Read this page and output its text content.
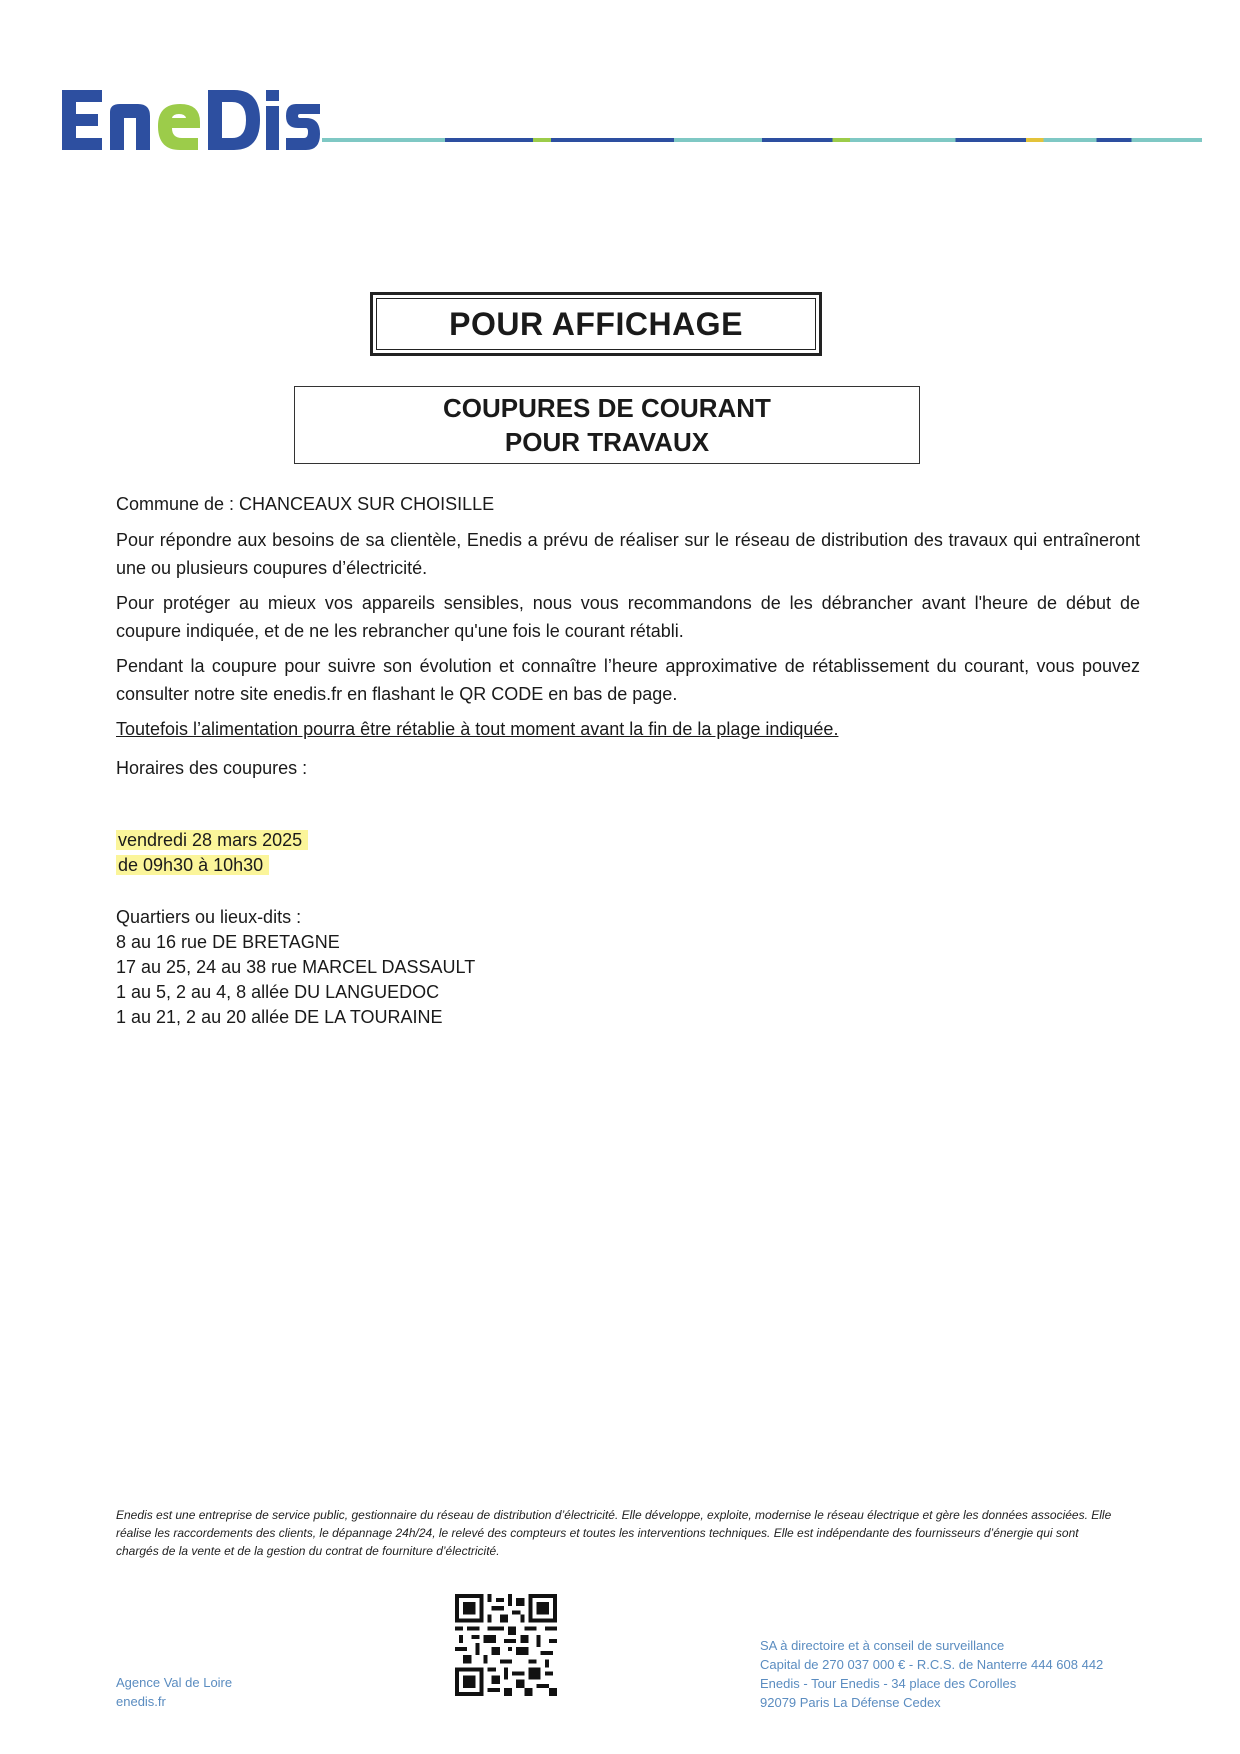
POUR AFFICHAGE
COUPURES DE COURANT
POUR TRAVAUX

Commune de : CHANCEAUX SUR CHOISILLE

Pour répondre aux besoins de sa clientèle, Enedis a prévu de réaliser sur le réseau de distribution des travaux qui entraîneront une ou plusieurs coupures d’électricité.

Pour protéger au mieux vos appareils sensibles, nous vous recommandons de les débrancher avant l'heure de début de coupure indiquée, et de ne les rebrancher qu'une fois le courant rétabli.

Pendant la coupure pour suivre son évolution et connaître l’heure approximative de rétablissement du courant, vous pouvez consulter notre site enedis.fr en flashant le QR CODE en bas de page.

Toutefois l’alimentation pourra être rétablie à tout moment avant la fin de la plage indiquée.

Horaires des coupures :

vendredi 28 mars 2025
de 09h30 à 10h30
Quartiers ou lieux-dits :
8 au 16 rue DE BRETAGNE
17 au 25, 24 au 38 rue MARCEL DASSAULT
1 au 5, 2 au 4, 8 allée DU LANGUEDOC
1 au 21, 2 au 20 allée DE LA TOURAINE
Enedis est une entreprise de service public, gestionnaire du réseau de distribution d’électricité. Elle développe, exploite, modernise le réseau électrique et gère les données associées. Elle réalise les raccordements des clients, le dépannage 24h/24, le relevé des compteurs et toutes les interventions techniques. Elle est indépendante des fournisseurs d’énergie qui sont chargés de la vente et de la gestion du contrat de fourniture d’électricité.
Agence Val de Loire
enedis.fr
SA à directoire et à conseil de surveillance
Capital de 270 037 000 € - R.C.S. de Nanterre 444 608 442
Enedis - Tour Enedis - 34 place des Corolles
92079 Paris La Défense Cedex
